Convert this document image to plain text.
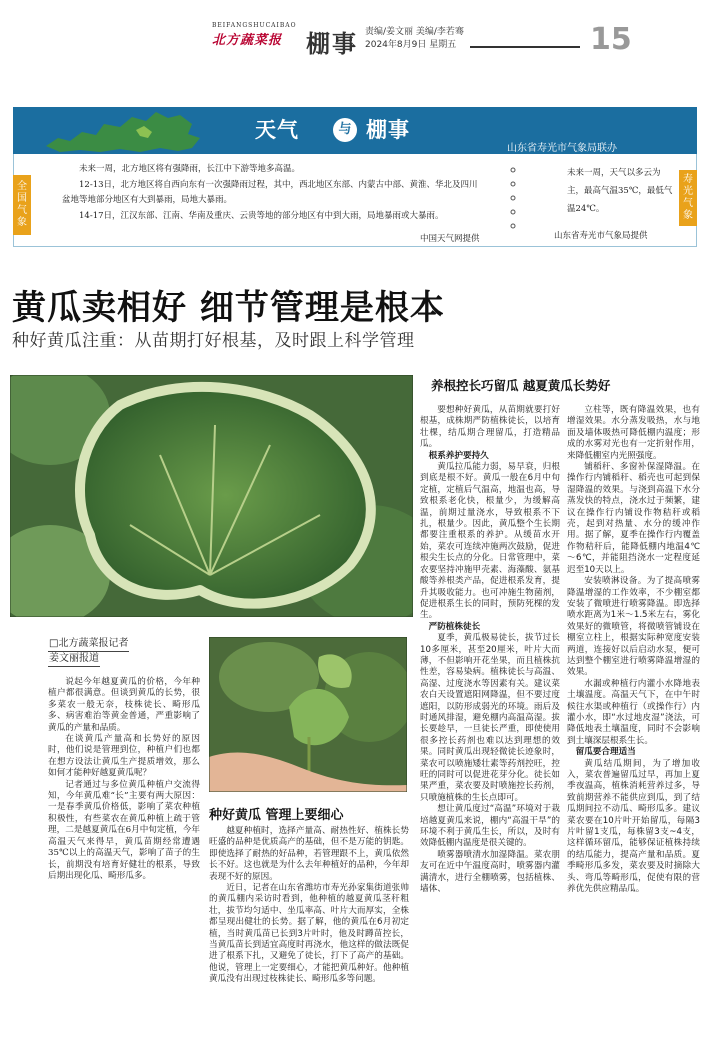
BEIFANGSHUCAIBAO
北方蔬菜报 棚事 责编/姜文丽 美编/李若骞
2024年8月9日 星期五	15
天气	与 棚事
山东省寿光市气象局联办
全国气象

未来一周，北方地区将有强降雨，长江中下游等地多高温。

12-13日，北方地区将自西向东有一次强降雨过程，其中，西北地区东部、内蒙古中部、黄淮、华北及四川

盆地等地部分地区有大到暴雨，局地大暴雨。

14-17日，江汉东部、江南、华南及重庆、云贵等地的部分地区有中到大雨，局地暴雨或大暴雨。

中国天气网提供
未来一周，天气以多云为主，最高气温35℃，最低气温24℃。
山东省寿光市气象局提供
寿光气象
黄瓜卖相好 细节管理是根本
种好黄瓜注重：从苗期打好根基，及时跟上科学管理
□北方蔬菜报记者
姜文丽报道

说起今年越夏黄瓜的价格，今年种植户都很满意。但谈到黄瓜的长势，很多菜农一般无奈，枝株徒长、畸形瓜多、病害难治等黄金普通，严重影响了黄瓜的产量和品质。

在谈黄瓜产量高和长势好的原因时，他们说是管理到位，种植户们也都在想方设法让黄瓜生产提质增效，那么如何才能种好越夏黄瓜呢？

记者通过与多位黄瓜种植户交流得知，今年黄瓜难“长”主要有两大原因：一是春季黄瓜价格低，影响了菜农种植积极性，有些菜农在黄瓜种植上疏于管理，二是越夏黄瓜在6月中旬定植，今年高温天气来得早，黄瓜苗期经常遭遇35℃以上的高温天气，影响了苗子的生长，前期没有培育好健壮的根系，导致后期出现化瓜、畸形瓜多。

种好黄瓜 管理上要细心

越夏种植时，选择产量高、耐热性好、植株长势旺盛的品种是优质高产的基础，但不是万能的钥匙。即使选择了耐热的好品种，若管理跟不上，黄瓜依然长不好。这也就是为什么去年种植好的品种，今年却表现不好的原因。

近日，记者在山东省潍坊市寿光孙家集街道张帅的黄瓜棚内采访时看到，他种植的越夏黄瓜茎秆粗壮，拔节均匀适中、坐瓜率高、叶片大而厚实，全株都呈现出健壮的长势。据了解，他的黄瓜在6月初定植，当时黄瓜苗已长到3片叶时，他及时蹲苗控长，当黄瓜苗长到适宜高度时再浇水，他这样的做法既促进了根系下扎，又避免了徒长，打下了高产的基础。他说，管理上一定要细心，才能把黄瓜种好。他种植黄瓜没有出现过枝株徒长、畸形瓜多等问题。

养根控长巧留瓜 越夏黄瓜长势好

要想种好黄瓜，从苗期就要打好根基，成株期严防植株徒长，以培育壮棵，结瓜期合理留瓜，打造精品瓜。

根系养护要持久

黄瓜拉瓜能力弱，易早衰，归根到底是根不好。黄瓜一般在6月中旬定植，定植后气温高，地温也高，导致根系老化快，根量少，为缓解高温，前期过量浇水，导致根系不下扎，根量少。因此，黄瓜整个生长期都要注重根系的养护。从缓苗水开始，菜农可连续冲施两次鼓励，促进根尖生长点的分化。日常管理中，菜农要坚持冲施甲壳素、海藻酸、氨基酸等养根类产品，促进根系发育，提升其吸收能力。也可冲施生物菌剂，促进根系生长的同时，预防死棵的发生。

严防植株徒长

夏季，黄瓜极易徒长，拔节过长10多厘米，甚至20厘米，叶片大而薄，不但影响开花坐果，而且植株抗性差，容易染病。植株徒长与高温、高湿、过度浇水等因素有关。建议菜农白天设置遮阳网降温，但不要过度遮阳，以防形成弱光的环境。雨后及时通风排湿，避免棚内高温高湿。拔长要趁早，一旦徒长严重，即使使用很多控长药剂也难以达到理想的效果。同时黄瓜出现轻微徒长迹象时，菜农可以喷施矮壮素等药剂控旺，控旺的同时可以促进花芽分化。徒长如果严重，菜农要及时喷施控长药剂，只喷施植株的生长点即可。

想让黄瓜度过“高温”环境对于栽培越夏黄瓜来说，棚内“高温干旱”的环境不利于黄瓜生长，所以，及时有效降低棚内温度是很关键的。

喷雾器喷清水加湿降温。菜农朋友可在近中午温度高时，喷雾器内灌满清水，进行全棚喷雾，包括植株、墙体、

立柱等，既有降温效果，也有增湿效果。水分蒸发吸热，水与地面及墙体吸热可降低棚内温度；形成的水雾对光也有一定折射作用，来降低棚室内光照强度。

铺稻秆、多窗补保湿降温。在操作行内铺稻秆、稻壳也可起到保湿降温的效果。与浇到高温下水分蒸发快的特点，浇水过于频繁，建议在操作行内铺设作物秸秆或稻壳，起到对热量、水分的缓冲作用。据了解，夏季在操作行内覆盖作物秸秆后，能降低棚内地温4℃～6℃，并能阻挡浇水一定程度延迟至10天以上。

安装喷淋设备。为了提高喷雾降温增湿的工作效率，不少棚室都安装了微喷进行喷雾降温。即选择喷水距离为1米～1.5米左右，雾化效果好的微喷管，将微喷管铺设在棚室立柱上，根据实际种宽度安装两道，连接好以后启动水泵，便可达到整个棚室进行喷雾降温增湿的效果。

水漏或种植行内灌小水降地表土壤温度。高温天气下，在中午时候往水渠或种植行（或操作行）内灌小水，即“水过地皮湿”浇法，可降低地表土壤温度，同时不会影响到土壤深层根系生长。

留瓜要合理适当

黄瓜结瓜期间，为了增加收入，菜农普遍留瓜过早，再加上夏季夜温高，植株消耗营养过多，导致前期营养不能供应到瓜，到了结瓜期间拉不动瓜、畸形瓜多。建议菜农要在10片叶开始留瓜，每隔3片叶留1支瓜，每株留3支~4支，这样循环留瓜，能够保证植株持续的结瓜能力，提高产量和品质。夏季畸形瓜多发，菜农要及时摘除大头、弯瓜等畸形瓜，促使有限的营养优先供应精品瓜。
